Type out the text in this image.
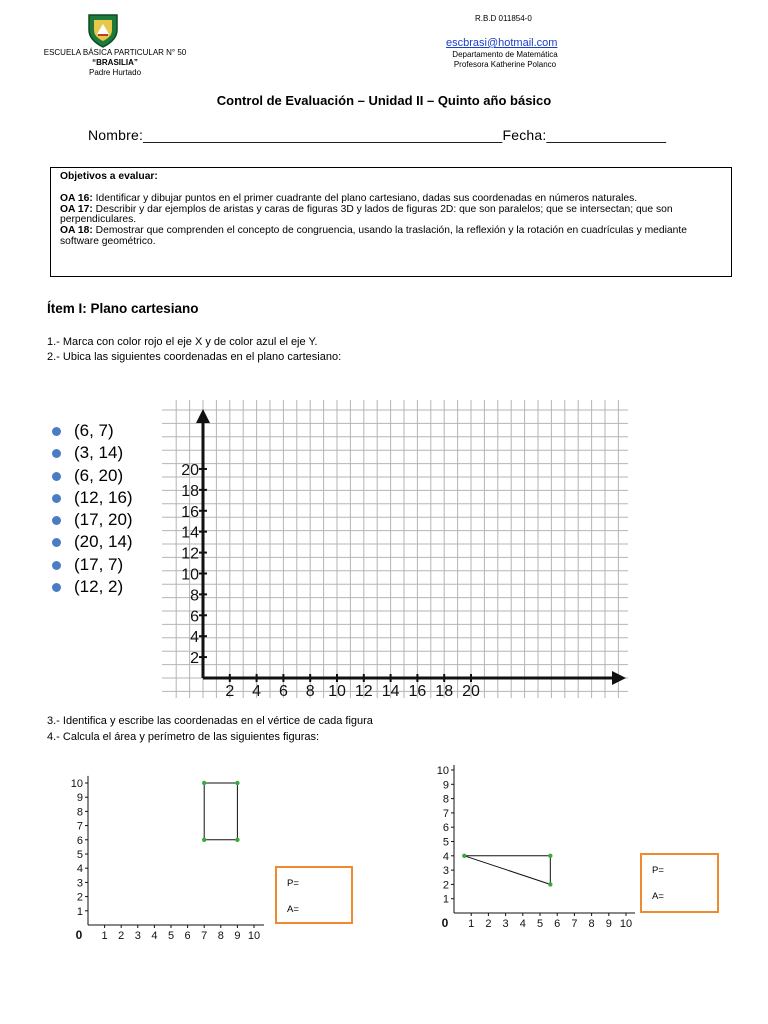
ESCUELA BÁSICA PARTICULAR N° 50
“BRASILIA”
Padre Hurtado
R.B.D 011854-0
escbrasi@hotmail.com
Departamento de Matemática
Profesora Katherine Polanco
Control de Evaluación – Unidad II – Quinto año básico
Nombre:_____________________________________________Fecha:_______________

Objetivos a evaluar:

OA 16: Identificar y dibujar puntos en el primer cuadrante del plano cartesiano, dadas sus coordenadas en números naturales.

OA 17: Describir y dar ejemplos de aristas y caras de figuras 3D y lados de figuras 2D: que son paralelos; que se intersectan; que son perpendiculares.

OA 18: Demostrar que comprenden el concepto de congruencia, usando la traslación, la reflexión y la rotación en cuadrículas y mediante software geométrico.

Ítem I: Plano cartesiano
1.- Marca con color rojo el eje X y de color azul el eje Y.
2.- Ubica las siguientes coordenadas en el plano cartesiano:
(6, 7)
(3, 14)
(6, 20)
(12, 16)
(17, 20)
(20, 14)
(17, 7)
(12, 2)
2
2
4
4
6
6
8
8
10
10
12
12
14
14
16
16
18
18
20
20
3.- Identifica y escribe las coordenadas en el vértice de cada figura
4.- Calcula el área y perímetro de las siguientes figuras:
1
1
2
2
3
3
4
4
5
5
6
6
7
7
8
8
9
9
10
10
0
P=
A=
1
1
2
2
3
3
4
4
5
5
6
6
7
7
8
8
9
9
10
10
0
P=
A=
